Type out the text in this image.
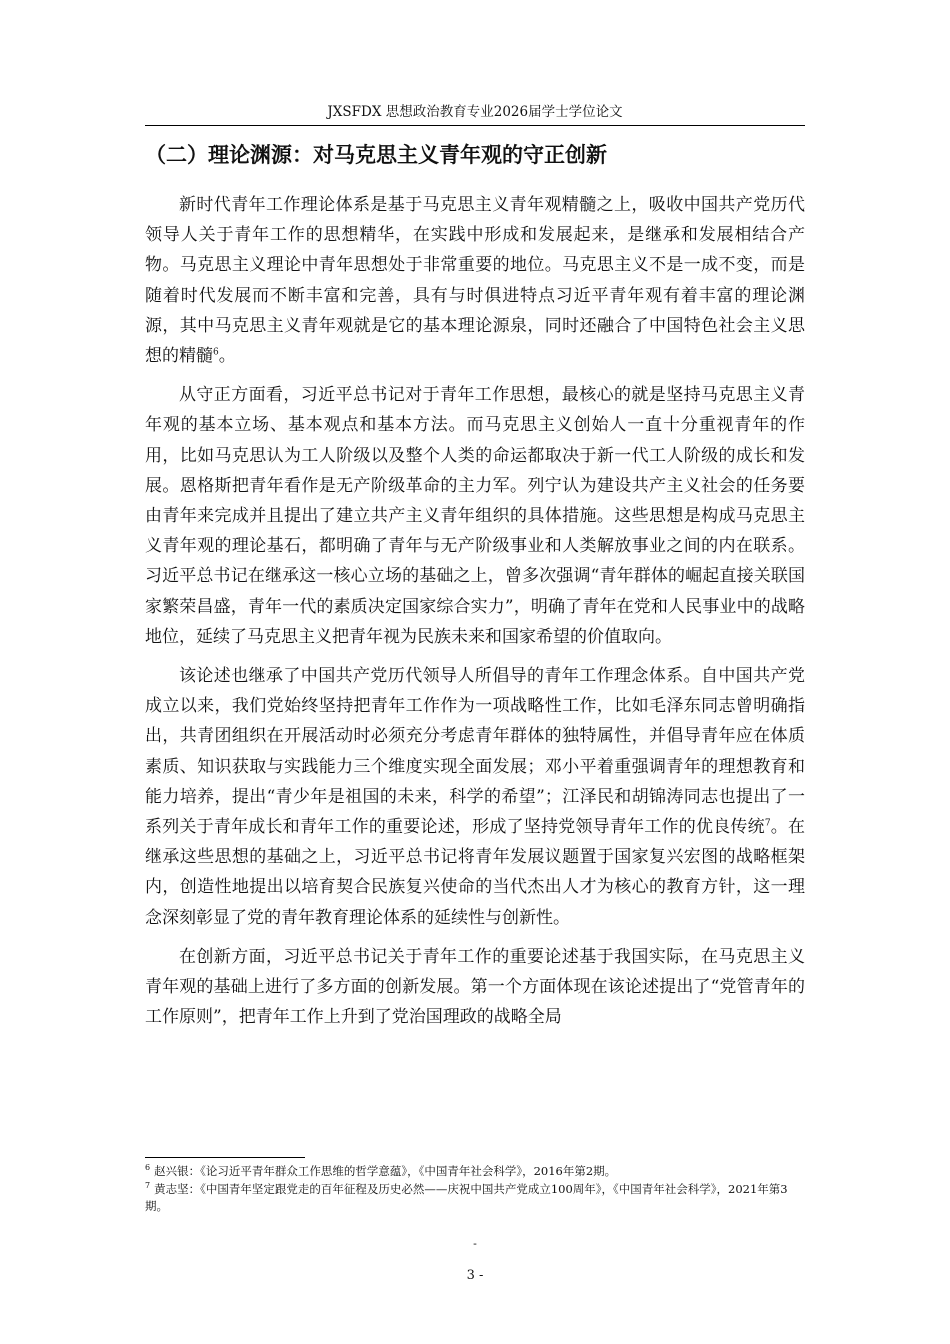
JXSFDX 思想政治教育专业2026届学士学位论文
（二）理论渊源：对马克思主义青年观的守正创新

新时代青年工作理论体系是基于马克思主义青年观精髓之上，吸收中国共产党历代领导人关于青年工作的思想精华，在实践中形成和发展起来，是继承和发展相结合产物。马克思主义理论中青年思想处于非常重要的地位。马克思主义不是一成不变，而是随着时代发展而不断丰富和完善，具有与时俱进特点习近平青年观有着丰富的理论渊源，其中马克思主义青年观就是它的基本理论源泉，同时还融合了中国特色社会主义思想的精髓$^6$。

从守正方面看，习近平总书记对于青年工作思想，最核心的就是坚持马克思主义青年观的基本立场、基本观点和基本方法。而马克思主义创始人一直十分重视青年的作用，比如马克思认为工人阶级以及整个人类的命运都取决于新一代工人阶级的成长和发展。恩格斯把青年看作是无产阶级革命的主力军。列宁认为建设共产主义社会的任务要由青年来完成并且提出了建立共产主义青年组织的具体措施。这些思想是构成马克思主义青年观的理论基石，都明确了青年与无产阶级事业和人类解放事业之间的内在联系。习近平总书记在继承这一核心立场的基础之上，曾多次强调“青年群体的崛起直接关联国家繁荣昌盛，青年一代的素质决定国家综合实力”，明确了青年在党和人民事业中的战略地位，延续了马克思主义把青年视为民族未来和国家希望的价值取向。

该论述也继承了中国共产党历代领导人所倡导的青年工作理念体系。自中国共产党成立以来，我们党始终坚持把青年工作作为一项战略性工作，比如毛泽东同志曾明确指出，共青团组织在开展活动时必须充分考虑青年群体的独特属性，并倡导青年应在体质素质、知识获取与实践能力三个维度实现全面发展；邓小平着重强调青年的理想教育和能力培养，提出“青少年是祖国的未来，科学的希望”；江泽民和胡锦涛同志也提出了一系列关于青年成长和青年工作的重要论述，形成了坚持党领导青年工作的优良传统$^7$。在继承这些思想的基础之上，习近平总书记将青年发展议题置于国家复兴宏图的战略框架内，创造性地提出以培育契合民族复兴使命的当代杰出人才为核心的教育方针，这一理念深刻彰显了党的青年教育理论体系的延续性与创新性。

在创新方面，习近平总书记关于青年工作的重要论述基于我国实际，在马克思主义青年观的基础上进行了多方面的创新发展。第一个方面体现在该论述提出了“党管青年的工作原则”，把青年工作上升到了党治国理政的战略全局

$^6$ 赵兴银：《论习近平青年群众工作思维的哲学意蕴》，《中国青年社会科学》，2016年第2期。

$^7$ 黄志坚：《中国青年坚定跟党走的百年征程及历史必然——庆祝中国共产党成立100周年》，《中国青年社会科学》，2021年第3期。

-
3 -
